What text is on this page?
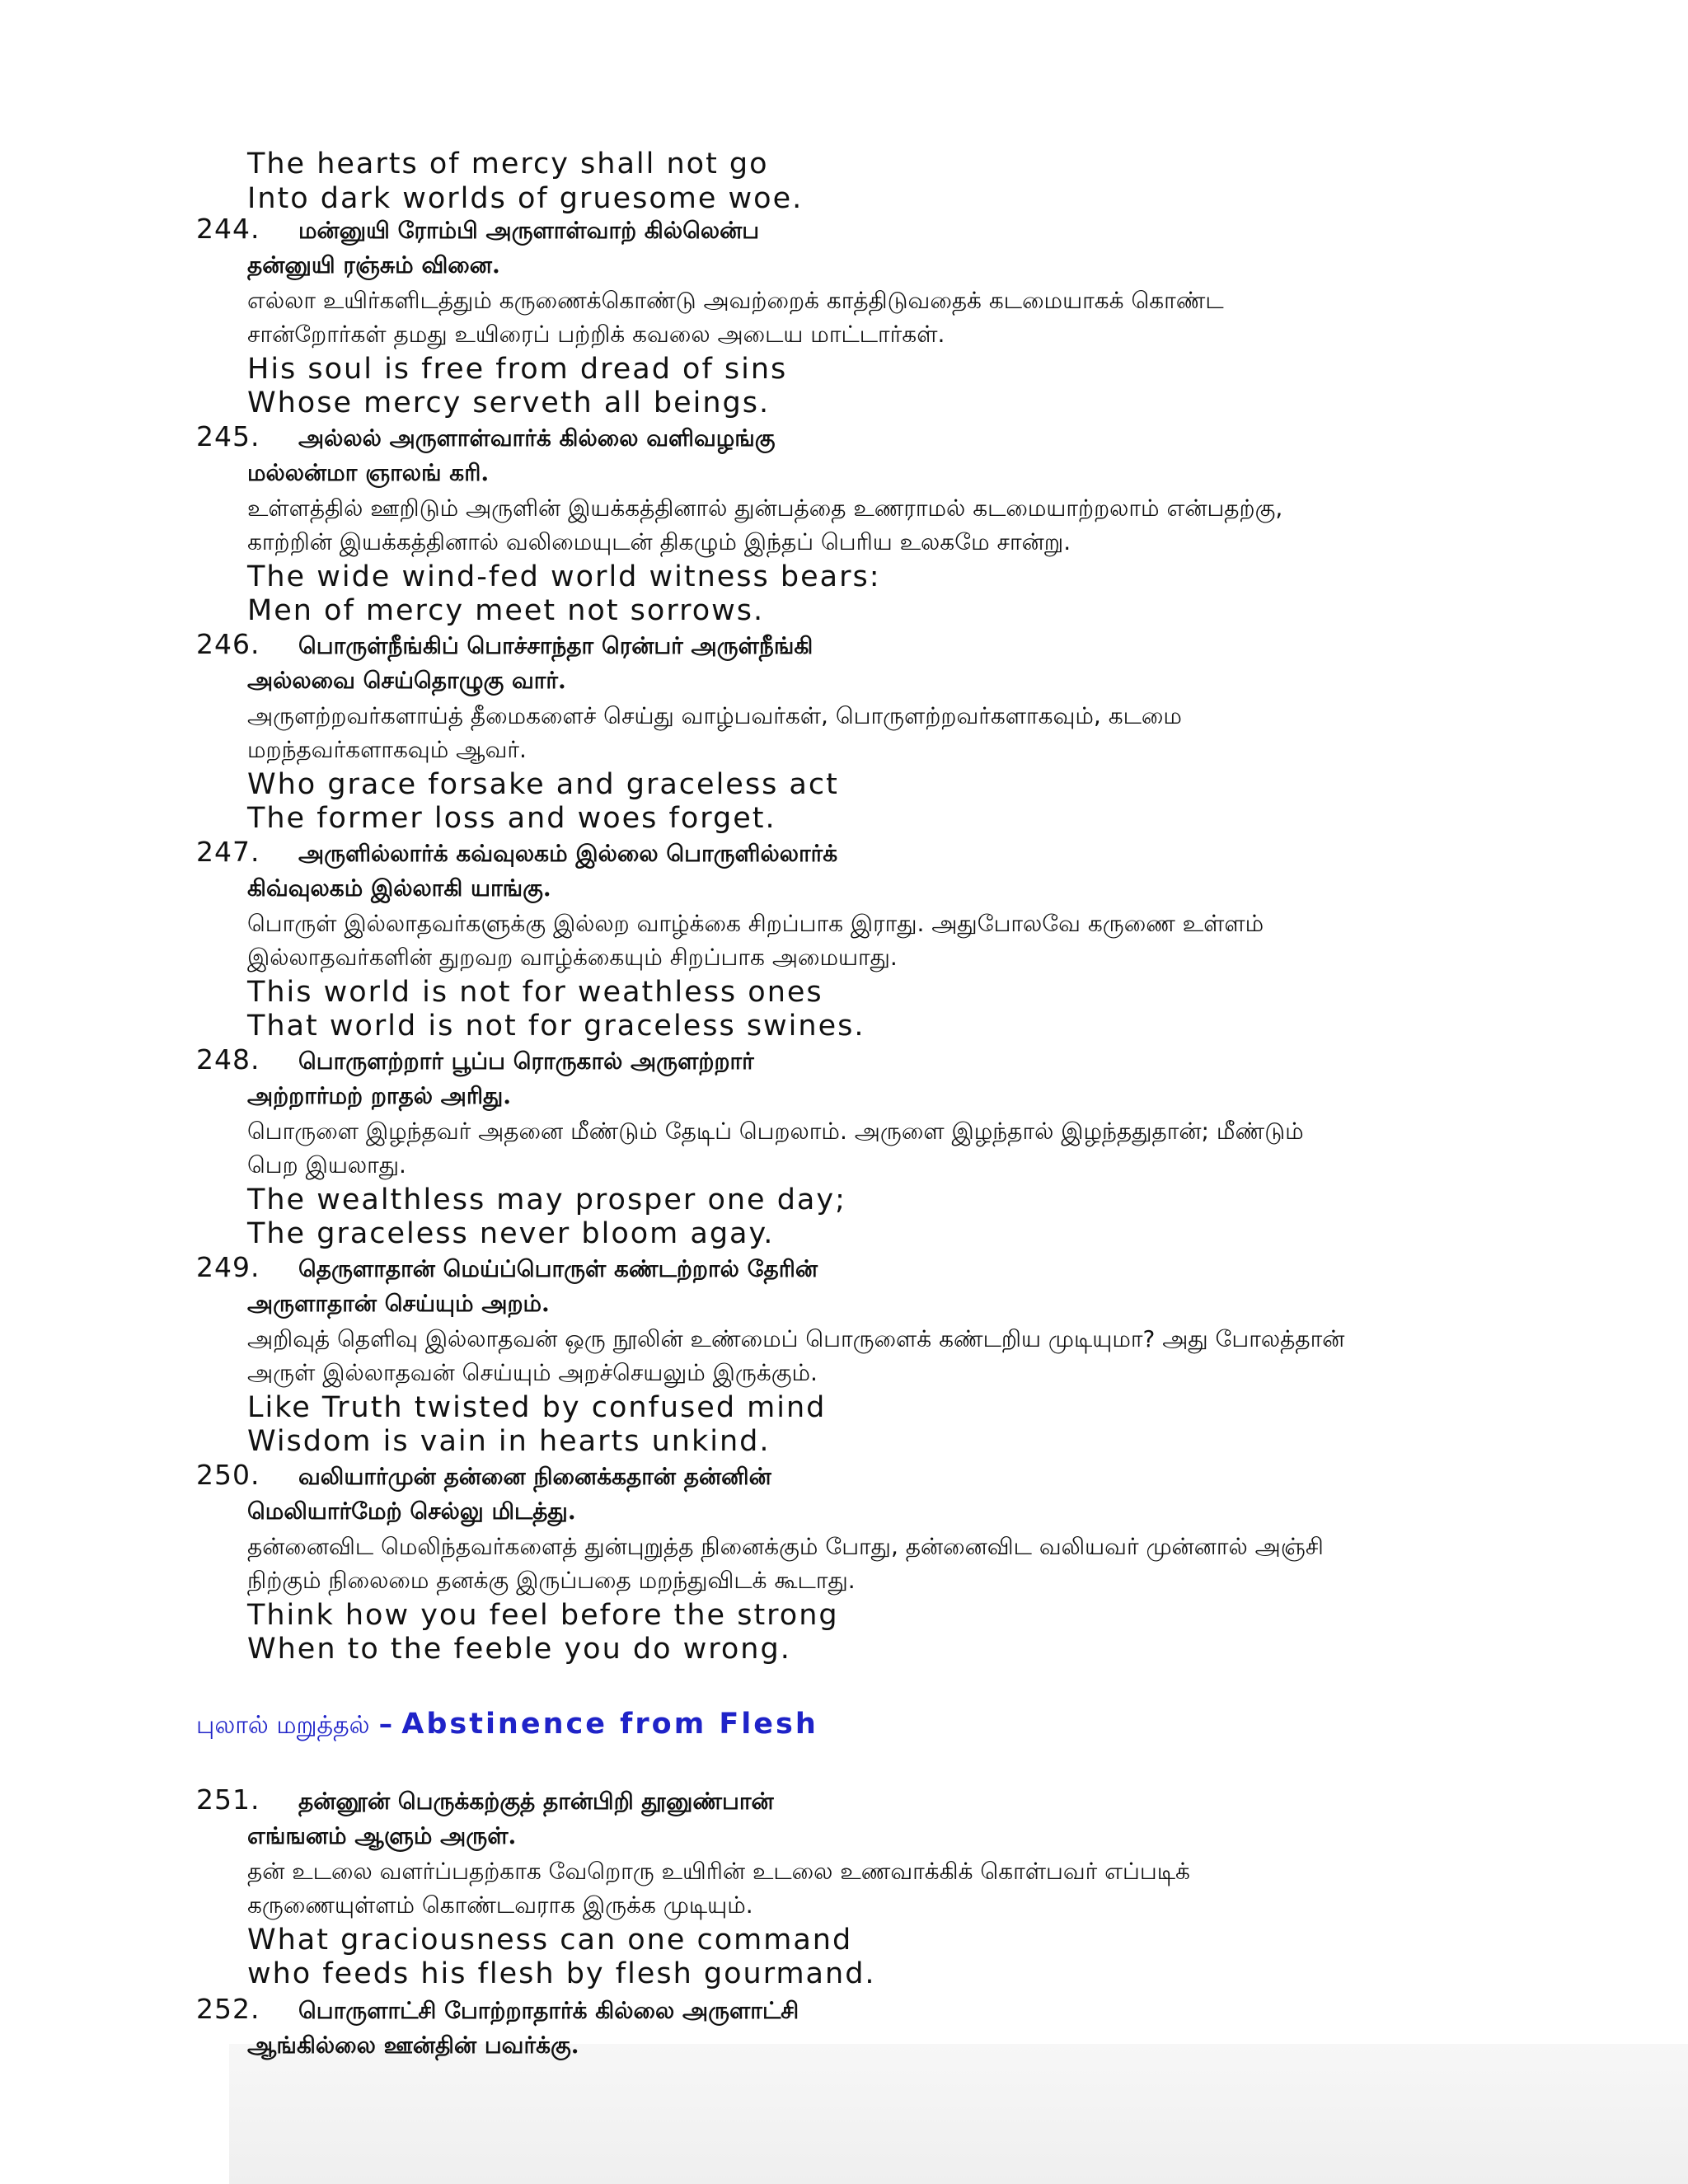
The hearts of mercy shall not go
Into dark worlds of gruesome woe.
244.	மன்னுயி ரோம்பி அருளாள்வாற் கில்லென்ப
தன்னுயி ரஞ்சும் வினை.
எல்லா உயிர்களிடத்தும் கருணைக்கொண்டு அவற்றைக் காத்திடுவதைக் கடமையாகக் கொண்ட
சான்றோர்கள் தமது உயிரைப் பற்றிக் கவலை அடைய மாட்டார்கள்.
His soul is free from dread of sins
Whose mercy serveth all beings.
245.	அல்லல் அருளாள்வார்க் கில்லை வளிவழங்கு
மல்லன்மா ஞாலங் கரி.
உள்ளத்தில் ஊறிடும் அருளின் இயக்கத்தினால் துன்பத்தை உணராமல் கடமையாற்றலாம் என்பதற்கு,
காற்றின் இயக்கத்தினால் வலிமையுடன் திகழும் இந்தப் பெரிய உலகமே சான்று.
The wide wind-fed world witness bears:
Men of mercy meet not sorrows.
246.	பொருள்நீங்கிப் பொச்சாந்தா ரென்பர் அருள்நீங்கி
அல்லவை செய்தொழுகு வார்.
அருளற்றவர்களாய்த் தீமைகளைச் செய்து வாழ்பவர்கள், பொருளற்றவர்களாகவும், கடமை
மறந்தவர்களாகவும் ஆவர்.
Who grace forsake and graceless act
The former loss and woes forget.
247.	அருளில்லார்க் கவ்வுலகம் இல்லை பொருளில்லார்க்
கிவ்வுலகம் இல்லாகி யாங்கு.
பொருள் இல்லாதவர்களுக்கு இல்லற வாழ்க்கை சிறப்பாக இராது. அதுபோலவே கருணை உள்ளம்
இல்லாதவர்களின் துறவற வாழ்க்கையும் சிறப்பாக அமையாது.
This world is not for weathless ones
That world is not for graceless swines.
248.	பொருளற்றார் பூப்ப ரொருகால் அருளற்றார்
அற்றார்மற் றாதல் அரிது.
பொருளை இழந்தவர் அதனை மீண்டும் தேடிப் பெறலாம். அருளை இழந்தால் இழந்ததுதான்; மீண்டும்
பெற இயலாது.
The wealthless may prosper one day;
The graceless never bloom agay.
249.	தெருளாதான் மெய்ப்பொருள் கண்டற்றால் தேரின்
அருளாதான் செய்யும் அறம்.
அறிவுத் தெளிவு இல்லாதவன் ஒரு நூலின் உண்மைப் பொருளைக் கண்டறிய முடியுமா? அது போலத்தான்
அருள் இல்லாதவன் செய்யும் அறச்செயலும் இருக்கும்.
Like Truth twisted by confused mind
Wisdom is vain in hearts unkind.
250.	வலியார்முன் தன்னை நினைக்கதான் தன்னின்
மெலியார்மேற் செல்லு மிடத்து.
தன்னைவிட மெலிந்தவர்களைத் துன்புறுத்த நினைக்கும் போது, தன்னைவிட வலியவர் முன்னால் அஞ்சி
நிற்கும் நிலைமை தனக்கு இருப்பதை மறந்துவிடக் கூடாது.
Think how you feel before the strong
When to the feeble you do wrong.
புலால் மறுத்தல் – Abstinence from Flesh
251.	தன்னூன் பெருக்கற்குத் தான்பிறி தூனுண்பான்
எங்ஙனம் ஆளும் அருள்.
தன் உடலை வளர்ப்பதற்காக வேறொரு உயிரின் உடலை உணவாக்கிக் கொள்பவர் எப்படிக்
கருணையுள்ளம் கொண்டவராக இருக்க முடியும்.
What graciousness can one command
who feeds his flesh by flesh gourmand.
252.	பொருளாட்சி போற்றாதார்க் கில்லை அருளாட்சி
ஆங்கில்லை ஊன்தின் பவர்க்கு.
